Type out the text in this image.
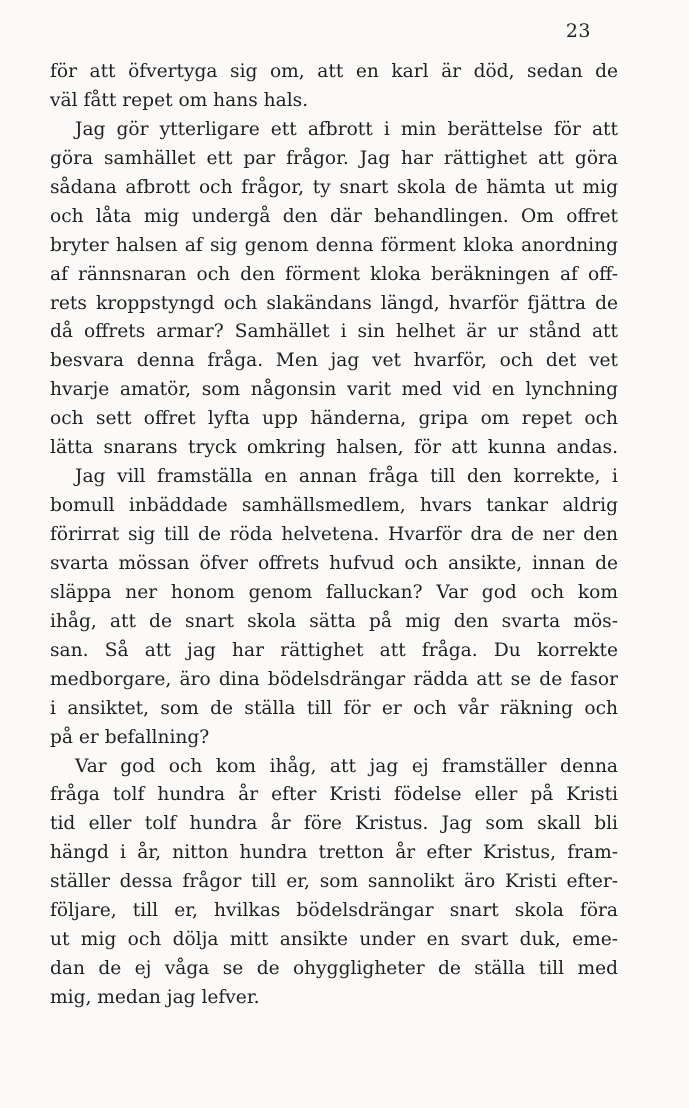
23
för att öfvertyga sig om, att en karl är död, sedan de
väl fått repet om hans hals.
Jag gör ytterligare ett afbrott i min berättelse för att
göra samhället ett par frågor. Jag har rättighet att göra
sådana afbrott och frågor, ty snart skola de hämta ut mig
och låta mig undergå den där behandlingen. Om offret
bryter halsen af sig genom denna förment kloka anordning
af rännsnaran och den förment kloka beräkningen af off-
rets kroppstyngd och slakändans längd, hvarför fjättra de
då offrets armar? Samhället i sin helhet är ur stånd att
besvara denna fråga. Men jag vet hvarför, och det vet
hvarje amatör, som någonsin varit med vid en lynchning
och sett offret lyfta upp händerna, gripa om repet och
lätta snarans tryck omkring halsen, för att kunna andas.
Jag vill framställa en annan fråga till den korrekte, i
bomull inbäddade samhällsmedlem, hvars tankar aldrig
förirrat sig till de röda helvetena. Hvarför dra de ner den
svarta mössan öfver offrets hufvud och ansikte, innan de
släppa ner honom genom falluckan? Var god och kom
ihåg, att de snart skola sätta på mig den svarta mös-
san. Så att jag har rättighet att fråga. Du korrekte
medborgare, äro dina bödelsdrängar rädda att se de fasor
i ansiktet, som de ställa till för er och vår räkning och
på er befallning?
Var god och kom ihåg, att jag ej framställer denna
fråga tolf hundra år efter Kristi födelse eller på Kristi
tid eller tolf hundra år före Kristus. Jag som skall bli
hängd i år, nitton hundra tretton år efter Kristus, fram-
ställer dessa frågor till er, som sannolikt äro Kristi efter-
följare, till er, hvilkas bödelsdrängar snart skola föra
ut mig och dölja mitt ansikte under en svart duk, eme-
dan de ej våga se de ohyggligheter de ställa till med
mig, medan jag lefver.
